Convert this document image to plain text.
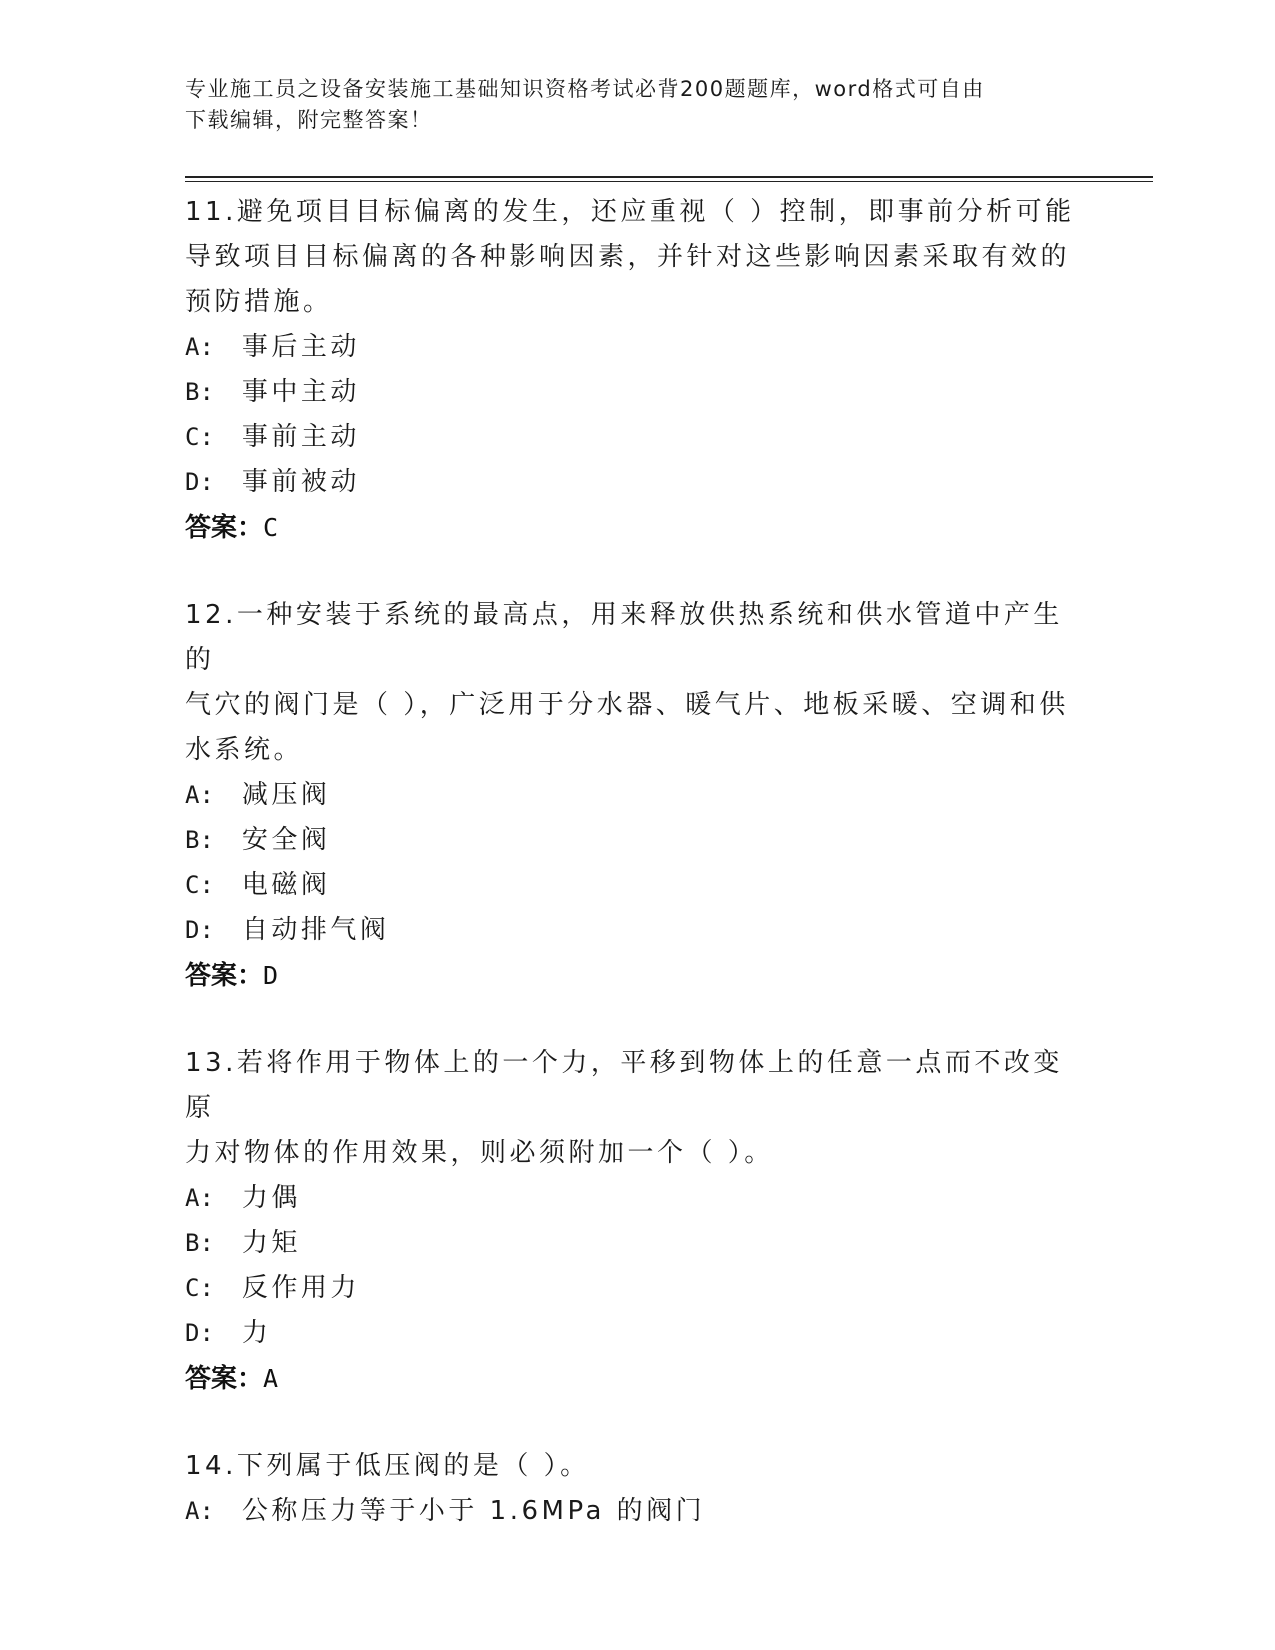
专业施工员之设备安装施工基础知识资格考试必背200题题库，word格式可自由
下载编辑，附完整答案！

11.避免项目目标偏离的发生，还应重视（ ）控制，即事前分析可能

导致项目目标偏离的各种影响因素，并针对这些影响因素采取有效的

预防措施。

A: 事后主动

B: 事中主动

C: 事前主动

D: 事前被动

答案：C

12.一种安装于系统的最高点，用来释放供热系统和供水管道中产生的

气穴的阀门是（ ），广泛用于分水器、暖气片、地板采暖、空调和供

水系统。

A: 减压阀

B: 安全阀

C: 电磁阀

D: 自动排气阀

答案：D

13.若将作用于物体上的一个力，平移到物体上的任意一点而不改变原

力对物体的作用效果，则必须附加一个（ ）。

A: 力偶

B: 力矩

C: 反作用力

D: 力

答案：A

14.下列属于低压阀的是（ ）。

A: 公称压力等于小于 1.6MPa 的阀门
